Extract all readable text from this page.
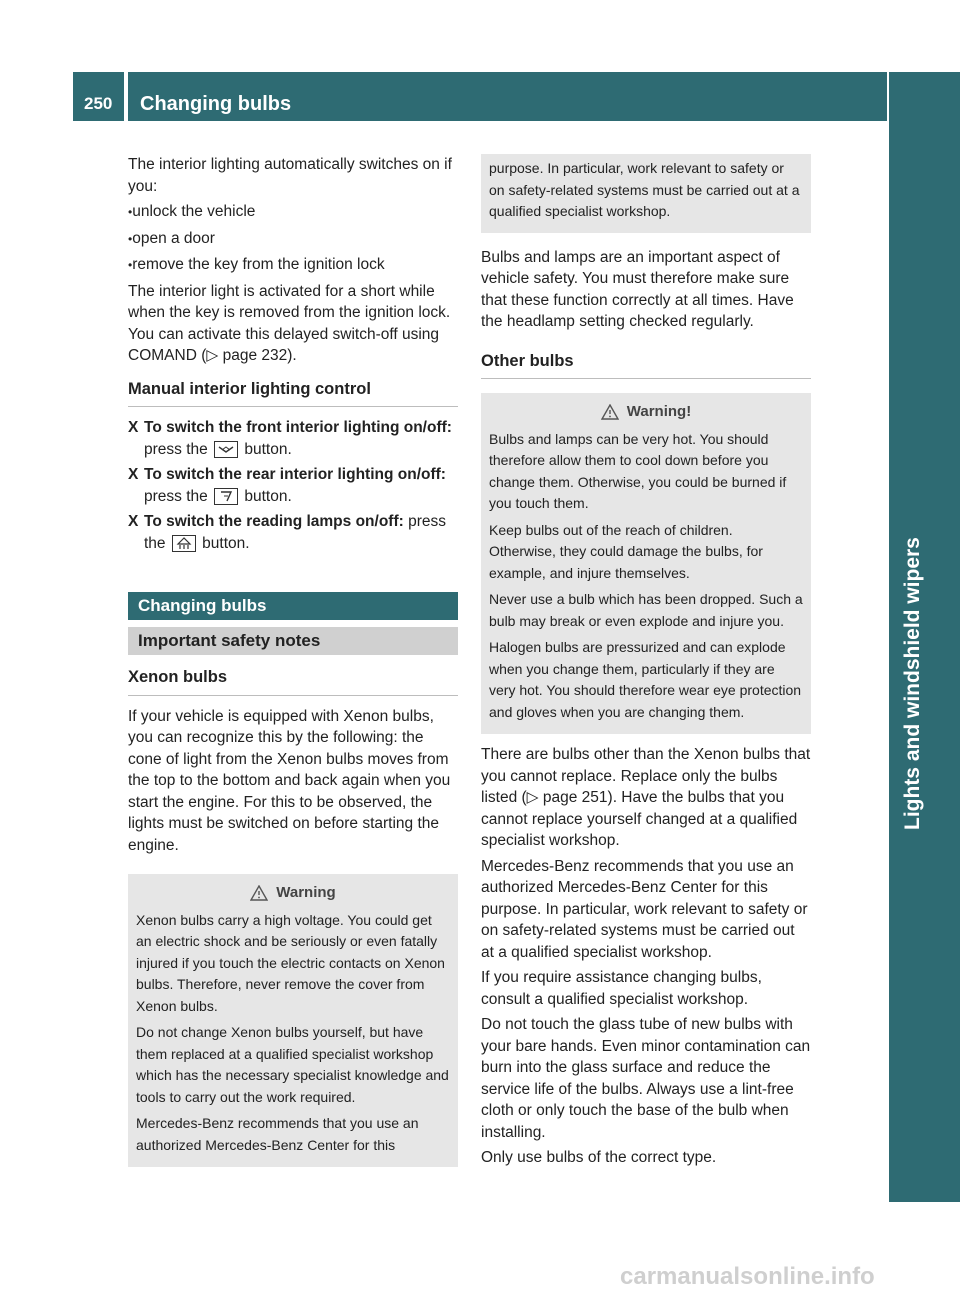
250 Changing bulbs
Lights and windshield wipers

The interior lighting automatically switches on if you:

• unlock the vehicle

• open a door

• remove the key from the ignition lock

The interior light is activated for a short while when the key is removed from the ignition lock. You can activate this delayed switch-off using COMAND (▷ page 232).

Manual interior lighting control
X To switch the front interior lighting on/off: press the  button.
X To switch the rear interior lighting on/off: press the  button.
X To switch the reading lamps on/off: press the  button.
Changing bulbs
Important safety notes
Xenon bulbs

If your vehicle is equipped with Xenon bulbs, you can recognize this by the following: the cone of light from the Xenon bulbs moves from the top to the bottom and back again when you start the engine. For this to be observed, the lights must be switched on before starting the engine.

Warning

Xenon bulbs carry a high voltage. You could get an electric shock and be seriously or even fatally injured if you touch the electric contacts on Xenon bulbs. Therefore, never remove the cover from Xenon bulbs.

Do not change Xenon bulbs yourself, but have them replaced at a qualified specialist workshop which has the necessary specialist knowledge and tools to carry out the work required.

Mercedes-Benz recommends that you use an authorized Mercedes-Benz Center for this

purpose. In particular, work relevant to safety or on safety-related systems must be carried out at a qualified specialist workshop.

Bulbs and lamps are an important aspect of vehicle safety. You must therefore make sure that these function correctly at all times. Have the headlamp setting checked regularly.

Other bulbs
Warning!

Bulbs and lamps can be very hot. You should therefore allow them to cool down before you change them. Otherwise, you could be burned if you touch them.

Keep bulbs out of the reach of children. Otherwise, they could damage the bulbs, for example, and injure themselves.

Never use a bulb which has been dropped. Such a bulb may break or even explode and injure you.

Halogen bulbs are pressurized and can explode when you change them, particularly if they are very hot. You should therefore wear eye protection and gloves when you are changing them.

There are bulbs other than the Xenon bulbs that you cannot replace. Replace only the bulbs listed (▷ page 251). Have the bulbs that you cannot replace yourself changed at a qualified specialist workshop.

Mercedes-Benz recommends that you use an authorized Mercedes-Benz Center for this purpose. In particular, work relevant to safety or on safety-related systems must be carried out at a qualified specialist workshop.

If you require assistance changing bulbs, consult a qualified specialist workshop.

Do not touch the glass tube of new bulbs with your bare hands. Even minor contamination can burn into the glass surface and reduce the service life of the bulbs. Always use a lint-free cloth or only touch the base of the bulb when installing.

Only use bulbs of the correct type.

carmanualsonline.info
